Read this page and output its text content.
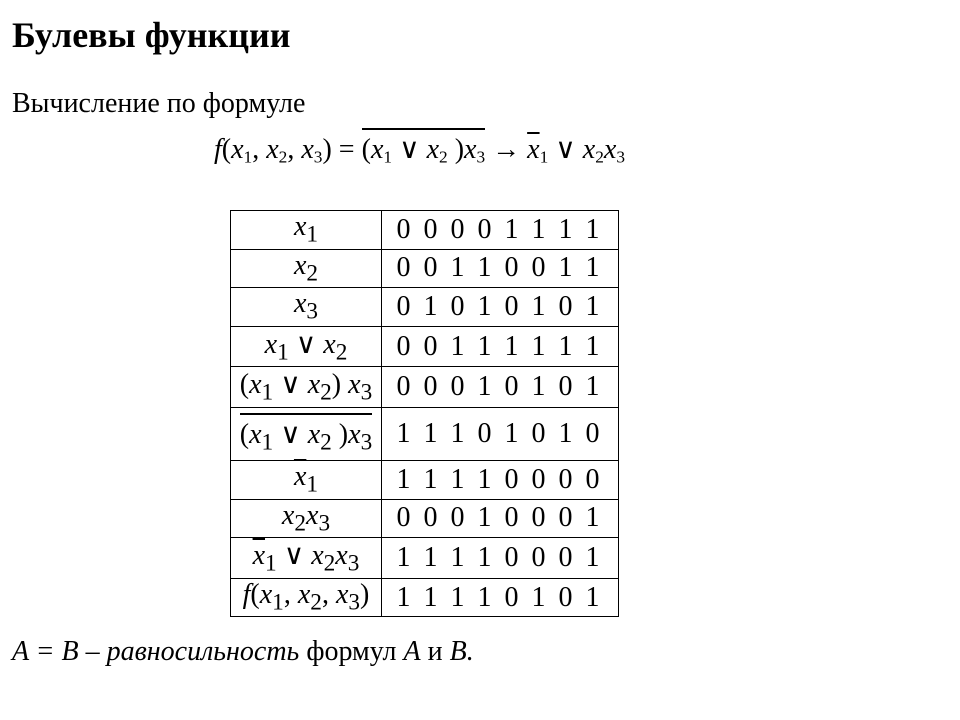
Булевы функции
Вычисление по формуле
$f(x_1$, $x_2$, $x_3) = (x_1$ ∨ $x_2$ )$x_3 \to \overline{x}_1$ ∨ $x_2x_3$
$x_1$	0 0 0 0 1 1 1 1
$x_2$	0 0 1 1 0 0 1 1
$x_3$	0 1 0 1 0 1 0 1
$x_1$ ∨ $x_2$	0 0 1 1 1 1 1 1
($x_1$ ∨ $x_2$) $x_3$	0 0 0 1 0 1 0 1
($x_1$ ∨ $x_2$ )$x_3$	1 1 1 0 1 0 1 0
$\overline{x}_1$	1 1 1 1 0 0 0 0
$x_2x_3$	0 0 0 1 0 0 0 1
$\overline{x}_1$ ∨ $x_2x_3$	1 1 1 1 0 0 0 1
$f(x_1$, $x_2$, $x_3$)	1 1 1 1 0 1 0 1
A = B – равносильность формул A и B.
